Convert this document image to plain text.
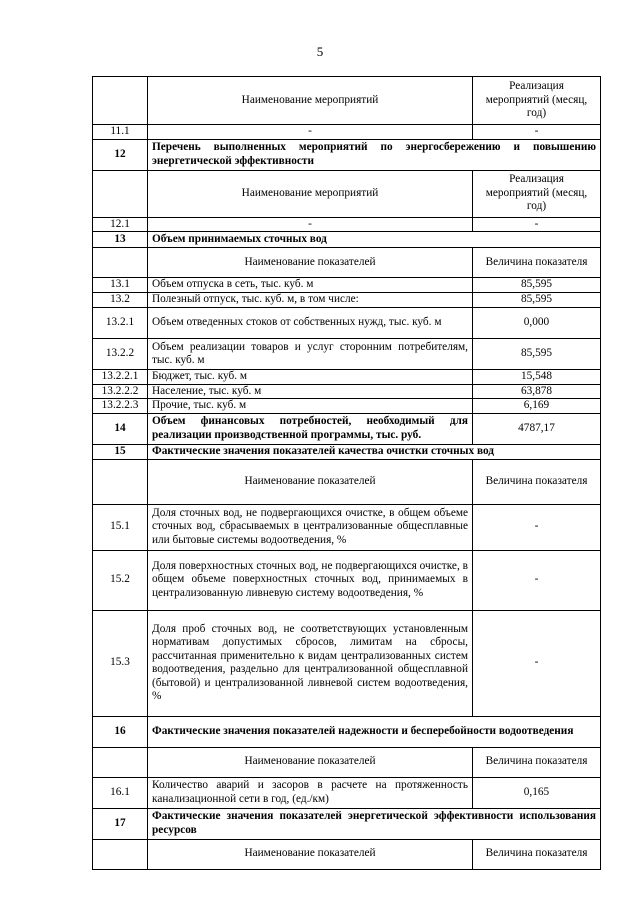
5
	Наименование мероприятий	Реализация мероприятий (месяц, год)
11.1	-	-
12	Перечень выполненных мероприятий по энергосбережению и повышению энергетической эффективности	
	Наименование мероприятий	Реализация мероприятий (месяц, год)
12.1	-	-
13	Объем принимаемых сточных вод	
	Наименование показателей	Величина показателя
13.1	Объем отпуска в сеть, тыс. куб. м	85,595
13.2	Полезный отпуск, тыс. куб. м, в том числе:	85,595
13.2.1	Объем отведенных стоков от собственных нужд, тыс. куб. м	0,000
13.2.2	Объем реализации товаров и услуг сторонним потребителям, тыс. куб. м	85,595
13.2.2.1	Бюджет, тыс. куб. м	15,548
13.2.2.2	Население, тыс. куб. м	63,878
13.2.2.3	Прочие, тыс. куб. м	6,169
14	Объем финансовых потребностей, необходимый для реализации производственной программы, тыс. руб.	4787,17
15	Фактические значения показателей качества очистки сточных вод	
	Наименование показателей	Величина показателя
15.1	Доля сточных вод, не подвергающихся очистке, в общем объеме сточных вод, сбрасываемых в централизованные общесплавные или бытовые системы водоотведения, %	-
15.2	Доля поверхностных сточных вод, не подвергающихся очистке, в общем объеме поверхностных сточных вод, принимаемых в централизованную ливневую систему водоотведения, %	-
15.3	Доля проб сточных вод, не соответствующих установленным нормативам допустимых сбросов, лимитам на сбросы, рассчитанная применительно к видам централизованных систем водоотведения, раздельно для централизованной общесплавной (бытовой) и централизованной ливневой систем водоотведения, %	-
16	Фактические значения показателей надежности и бесперебойности водоотведения	
	Наименование показателей	Величина показателя
16.1	Количество аварий и засоров в расчете на протяженность канализационной сети в год, (ед./км)	0,165
17	Фактические значения показателей энергетической эффективности использования ресурсов	
	Наименование показателей	Величина показателя
